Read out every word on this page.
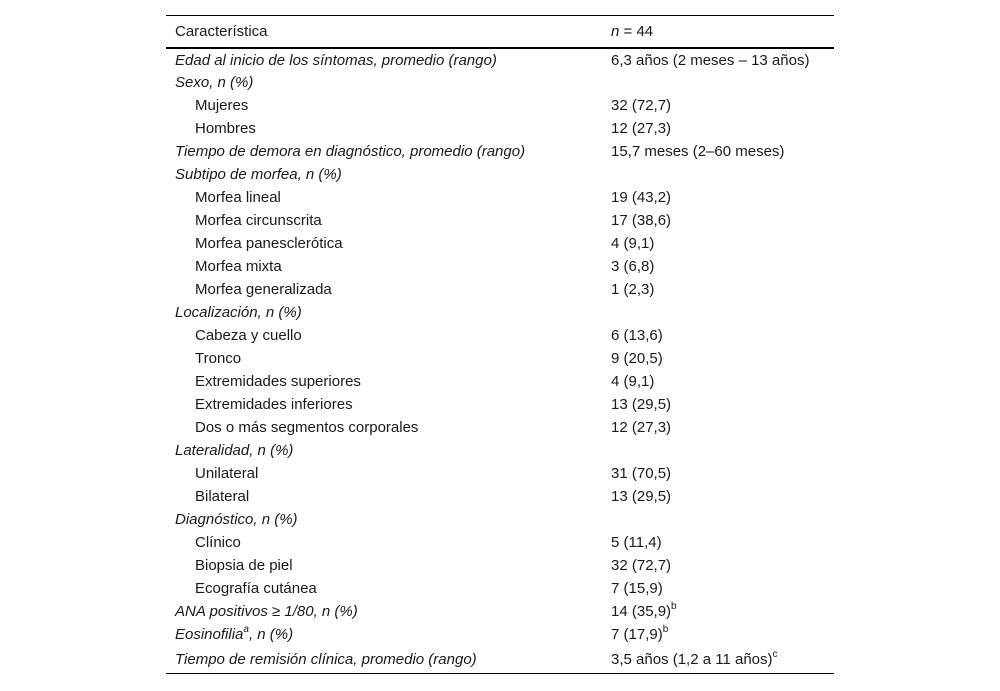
Característica	n = 44
Edad al inicio de los síntomas, promedio (rango)	6,3 años (2 meses – 13 años)
Sexo, n (%)	
Mujeres	32 (72,7)
Hombres	12 (27,3)
Tiempo de demora en diagnóstico, promedio (rango)	15,7 meses (2–60 meses)
Subtipo de morfea, n (%)	
Morfea lineal	19 (43,2)
Morfea circunscrita	17 (38,6)
Morfea panesclerótica	4 (9,1)
Morfea mixta	3 (6,8)
Morfea generalizada	1 (2,3)
Localización, n (%)	
Cabeza y cuello	6 (13,6)
Tronco	9 (20,5)
Extremidades superiores	4 (9,1)
Extremidades inferiores	13 (29,5)
Dos o más segmentos corporales	12 (27,3)
Lateralidad, n (%)	
Unilateral	31 (70,5)
Bilateral	13 (29,5)
Diagnóstico, n (%)	
Clínico	5 (11,4)
Biopsia de piel	32 (72,7)
Ecografía cutánea	7 (15,9)
ANA positivos ≥ 1/80, n (%)	14 $(35,9)^b$
Eosinofilia$^a$, n (%)	7 $(17,9)^b$
Tiempo de remisión clínica, promedio (rango)	3,5 años (1,2 a 11 años)$^c$
